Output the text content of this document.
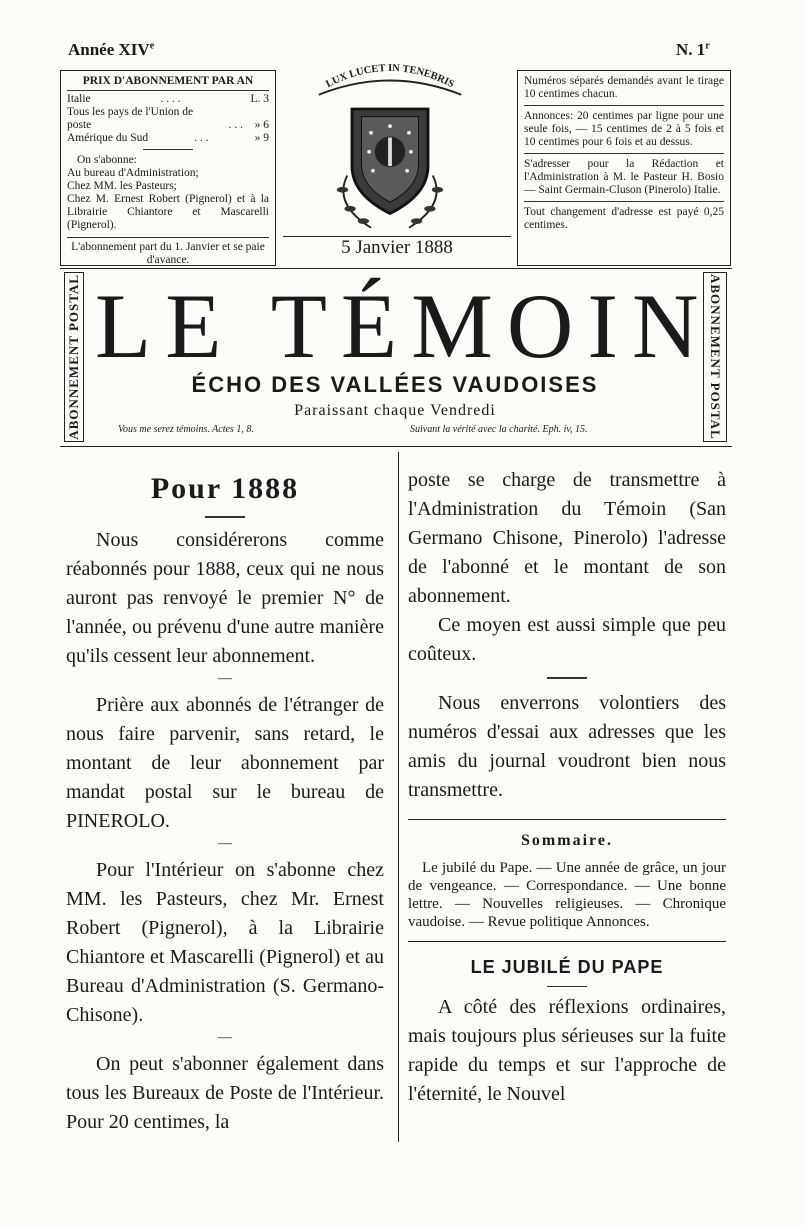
Année XIVe	N. 1$^r$

PRIX D'ABONNEMENT PAR AN

Italie	. . . .	L. 3
Tous les pays de l'Union de poste	. . . » 6
Amérique du Sud	. . .	» 9

On s'abonne:

Au bureau d'Administration;

Chez MM. les Pasteurs;

Chez M. Ernest Robert (Pignerol) et à la Librairie Chiantore et Mascarelli (Pignerol).

L'abonnement part du 1. Janvier et se paie d'avance.

LUX LUCET IN TENEBRIS
5 Janvier 1888

Numéros séparés demandés avant le tirage 10 centimes chacun.

Annonces: 20 centimes par ligne pour une seule fois, — 15 centimes de 2 à 5 fois et 10 centimes pour 6 fois et au dessus.

S'adresser pour la Rédaction et l'Administration à M. le Pasteur H. Bosio — Saint Germain-Cluson (Pinerolo) Italie.

Tout changement d'adresse est payé 0,25 centimes.

ABONNEMENT POSTAL	ABONNEMENT POSTAL
LE TÉMOIN
ÉCHO DES VALLÉES VAUDOISES
Paraissant chaque Vendredi
Vous me serez témoins. Actes 1, 8.	Suivant la vérité avec la charité. Eph. iv, 15.
Pour 1888

Nous considérerons comme réabonnés pour 1888, ceux qui ne nous auront pas renvoyé le premier N° de l'année, ou prévenu d'une autre manière qu'ils cessent leur abonnement.

—

Prière aux abonnés de l'étranger de nous faire parvenir, sans retard, le montant de leur abonnement par mandat postal sur le bureau de PINEROLO.

—

Pour l'Intérieur on s'abonne chez MM. les Pasteurs, chez Mr. Ernest Robert (Pignerol), à la Librairie Chiantore et Mascarelli (Pignerol) et au Bureau d'Administration (S. Germano-Chisone).

—

On peut s'abonner également dans tous les Bureaux de Poste de l'Intérieur. Pour 20 centimes, la

poste se charge de transmettre à l'Administration du Témoin (San Germano Chisone, Pinerolo) l'adresse de l'abonné et le montant de son abonnement.

Ce moyen est aussi simple que peu coûteux.

Nous enverrons volontiers des numéros d'essai aux adresses que les amis du journal voudront bien nous transmettre.

Sommaire.

Le jubilé du Pape. — Une année de grâce, un jour de vengeance. — Correspondance. — Une bonne lettre. — Nouvelles religieuses. — Chronique vaudoise. — Revue politique Annonces.

LE JUBILÉ DU PAPE

A côté des réflexions ordinaires, mais toujours plus sérieuses sur la fuite rapide du temps et sur l'approche de l'éternité, le Nouvel
